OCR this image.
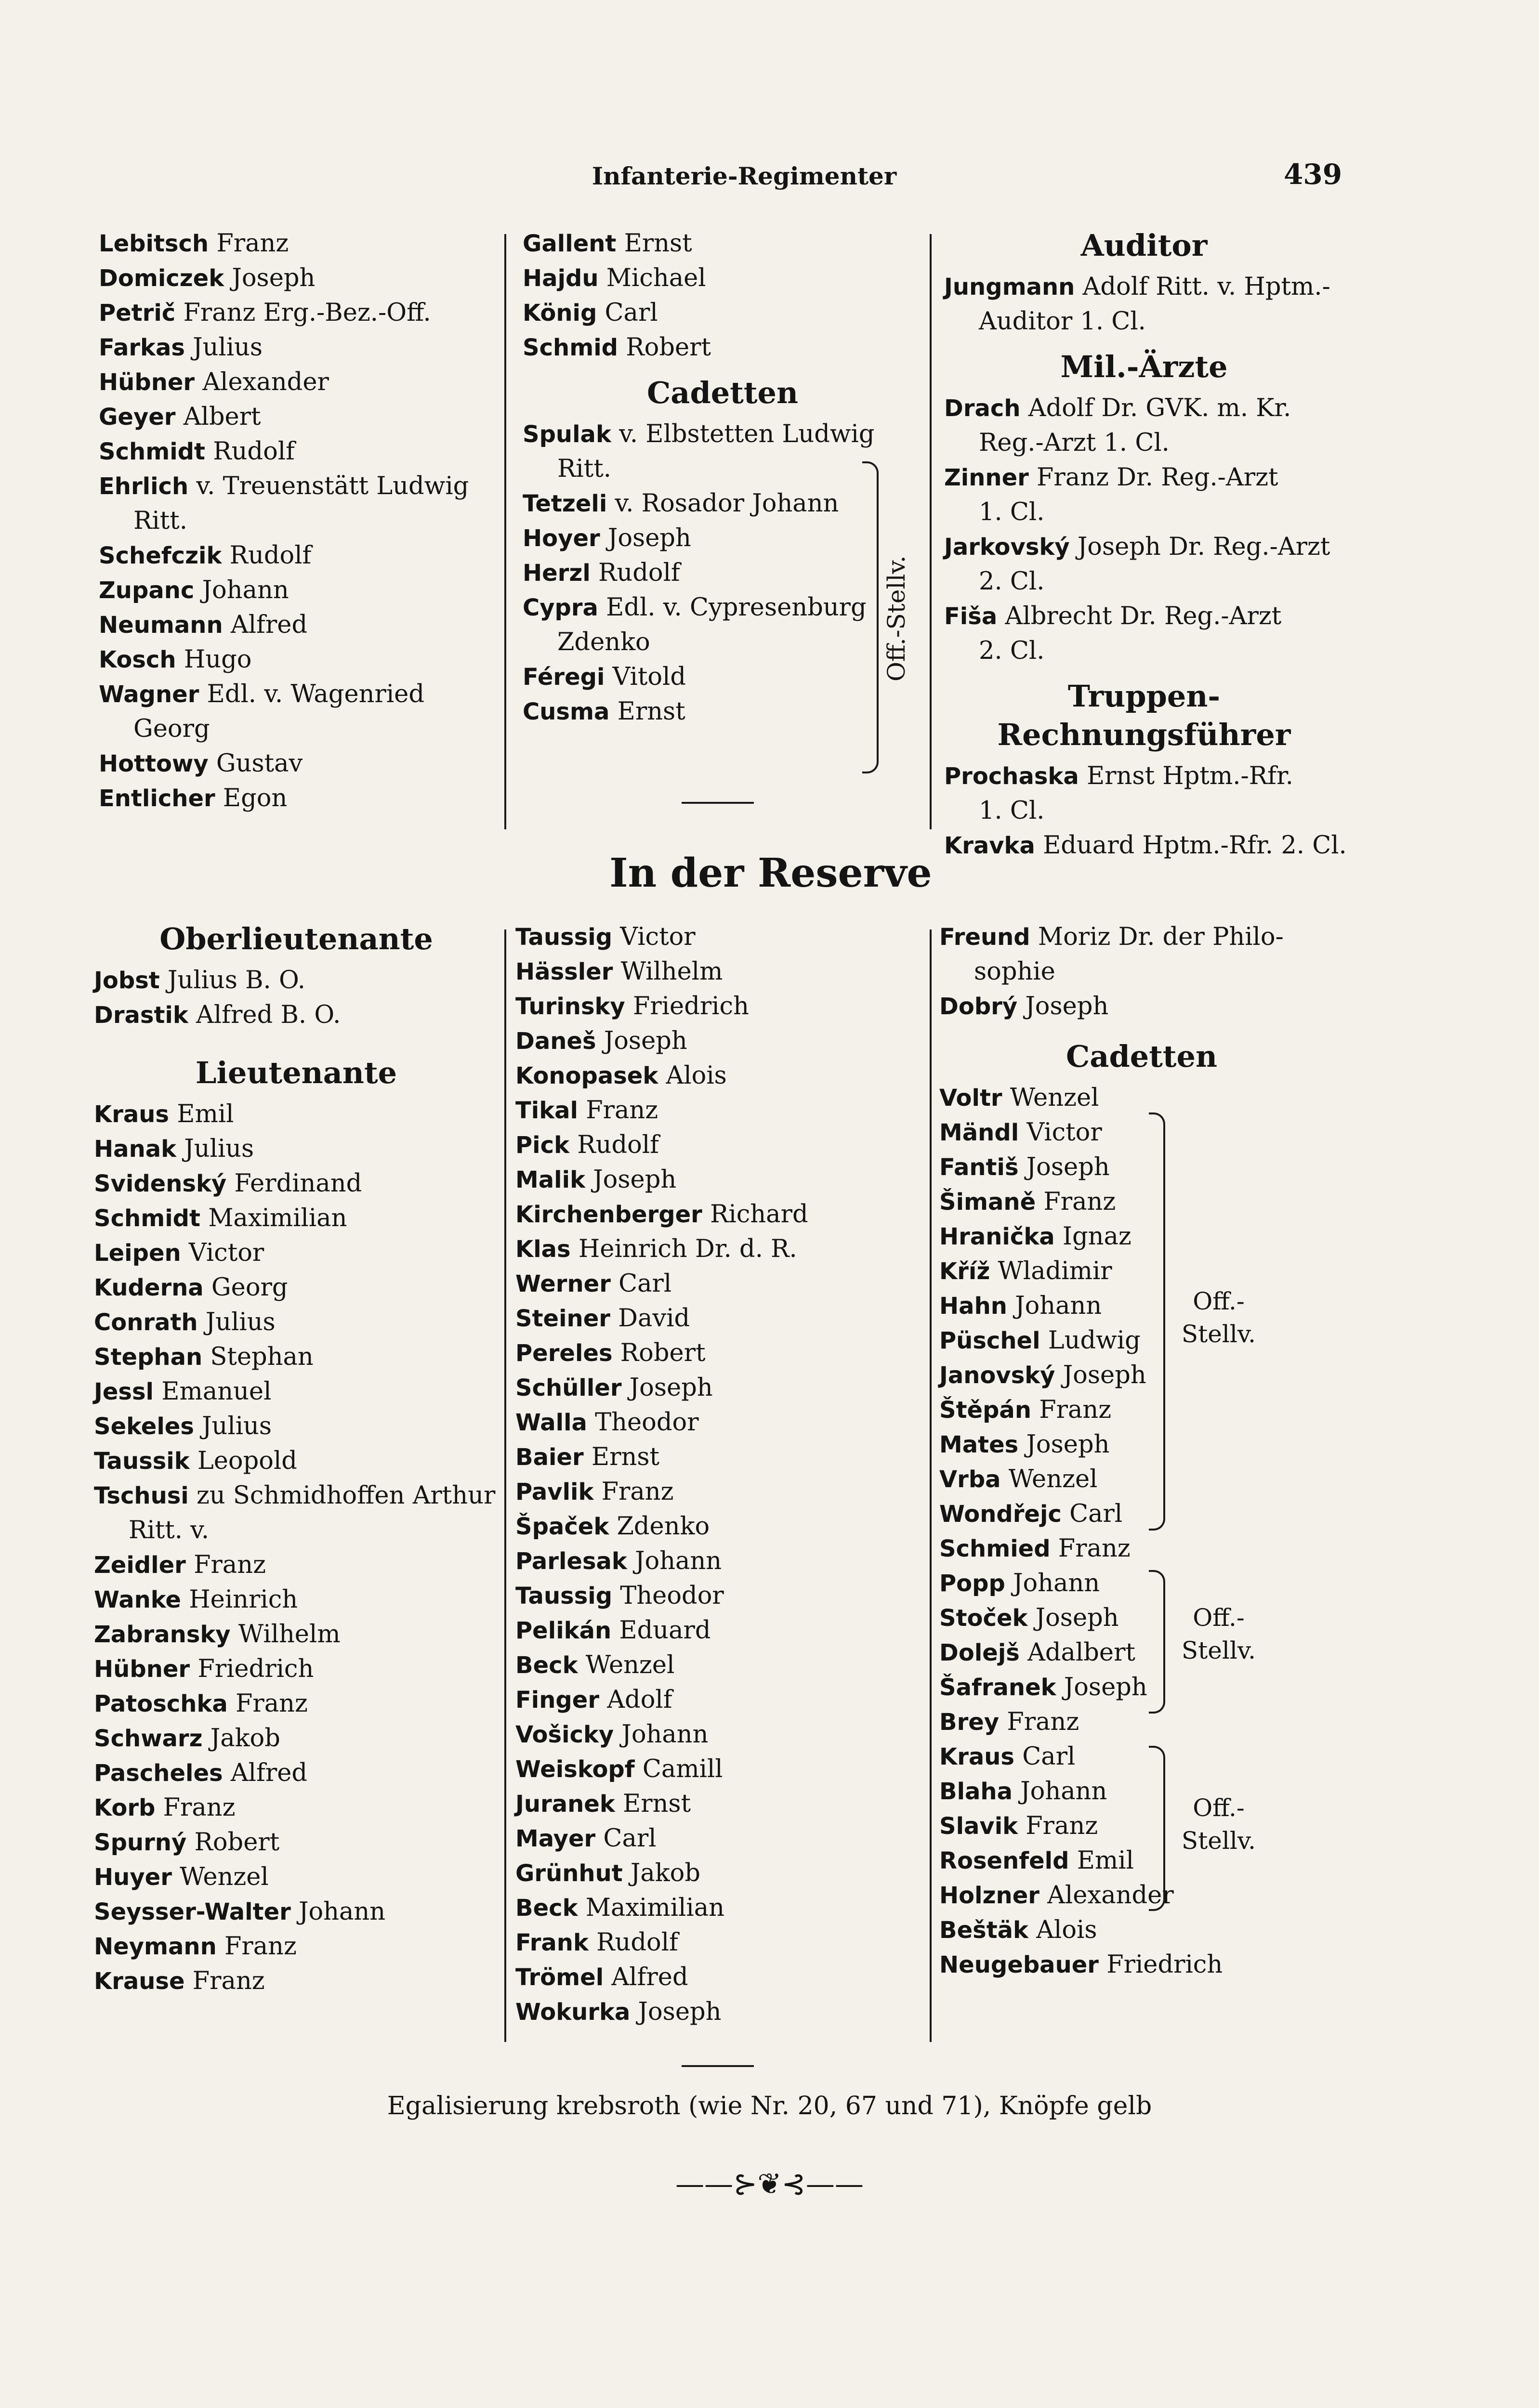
Infanterie-Regimenter	439
Lebitsch Franz
Domiczek Joseph
Petrič Franz Erg.-Bez.-Off.
Farkas Julius
Hübner Alexander
Geyer Albert
Schmidt Rudolf
Ehrlich v. Treuenstätt Ludwig
Ritt.
Schefczik Rudolf
Zupanc Johann
Neumann Alfred
Kosch Hugo
Wagner Edl. v. Wagenried
Georg
Hottowy Gustav
Entlicher Egon
Gallent Ernst
Hajdu Michael
König Carl
Schmid Robert
Cadetten
Spulak v. Elbstetten Ludwig
Ritt.
Tetzeli v. Rosador Johann
Hoyer Joseph
Herzl Rudolf
Cypra Edl. v. Cypresenburg
Zdenko
Féregi Vitold
Cusma Ernst
Auditor
Jungmann Adolf Ritt. v. Hptm.-
Auditor 1. Cl.
Mil.-Ärzte
Drach Adolf Dr. GVK. m. Kr.
Reg.-Arzt 1. Cl.
Zinner Franz Dr. Reg.-Arzt
1. Cl.
Jarkovský Joseph Dr. Reg.-Arzt
2. Cl.
Fiša Albrecht Dr. Reg.-Arzt
2. Cl.
Truppen-Rechnungsführer
Prochaska Ernst Hptm.-Rfr.
1. Cl.
Kravka Eduard Hptm.-Rfr. 2. Cl.
In der Reserve
Oberlieutenante
Jobst Julius B. O.
Drastik Alfred B. O.
Lieutenante
Kraus Emil
Hanak Julius
Svidenský Ferdinand
Schmidt Maximilian
Leipen Victor
Kuderna Georg
Conrath Julius
Stephan Stephan
Jessl Emanuel
Sekeles Julius
Taussik Leopold
Tschusi zu Schmidhoffen Arthur
Ritt. v.
Zeidler Franz
Wanke Heinrich
Zabransky Wilhelm
Hübner Friedrich
Patoschka Franz
Schwarz Jakob
Pascheles Alfred
Korb Franz
Spurný Robert
Huyer Wenzel
Seysser-Walter Johann
Neymann Franz
Krause Franz
Taussig Victor
Hässler Wilhelm
Turinsky Friedrich
Daneš Joseph
Konopasek Alois
Tikal Franz
Pick Rudolf
Malik Joseph
Kirchenberger Richard
Klas Heinrich Dr. d. R.
Werner Carl
Steiner David
Pereles Robert
Schüller Joseph
Walla Theodor
Baier Ernst
Pavlik Franz
Špaček Zdenko
Parlesak Johann
Taussig Theodor
Pelikán Eduard
Beck Wenzel
Finger Adolf
Vošicky Johann
Weiskopf Camill
Juranek Ernst
Mayer Carl
Grünhut Jakob
Beck Maximilian
Frank Rudolf
Trömel Alfred
Wokurka Joseph
Freund Moriz Dr. der Philo-
sophie
Dobrý Joseph
Cadetten
Voltr Wenzel
Mändl Victor
Fantiš Joseph
Šimaně Franz
Hranička Ignaz
Kříž Wladimir
Hahn Johann
Püschel Ludwig
Janovský Joseph
Štěpán Franz
Mates Joseph
Vrba Wenzel
Wondřejc Carl
Schmied Franz
Popp Johann
Stoček Joseph
Dolejš Adalbert
Šafranek Joseph
Brey Franz
Kraus Carl
Blaha Johann
Slavik Franz
Rosenfeld Emil
Holzner Alexander
Beštäk Alois
Neugebauer Friedrich
Off.-Stellv.
Off.-
Stellv.
Off.-
Stellv.
Off.-
Stellv.
Egalisierung krebsroth (wie Nr. 20, 67 und 71), Knöpfe gelb
——⊱❦⊰——
